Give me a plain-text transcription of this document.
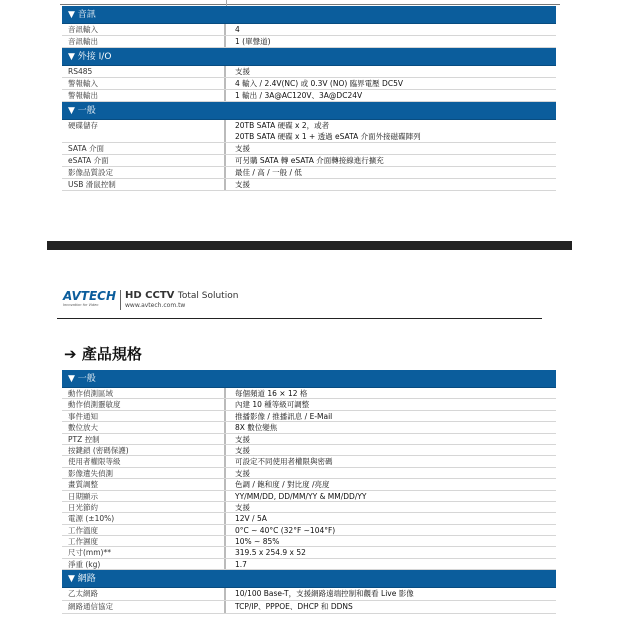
▼ 音訊
音訊輸入	4
音訊輸出	1 (單聲道)
▼ 外接 I/O
RS485	支援
警報輸入	4 輸入 / 2.4V(NC) 或 0.3V (NO) 臨界電壓 DC5V
警報輸出	1 輸出 / 3A@AC120V、3A@DC24V
▼ 一般
硬碟儲存	20TB SATA 硬碟 x 2，或者
20TB SATA 硬碟 x 1 + 透過 eSATA 介面外接磁碟陣列
SATA 介面	支援
eSATA 介面	可另購 SATA 轉 eSATA 介面轉接線進行擴充
影像品質設定	最佳 / 高 / 一般 / 低
USB 滑鼠控制	支援
AVTECH
Innovation for Video
HD CCTV Total Solution
www.avtech.com.tw
➔ 產品規格
▼ 一般
動作偵測區域	每個頻道 16 × 12 格
動作偵測靈敏度	內建 10 種等級可調整
事件通知	推播影像 / 推播訊息 / E-Mail
數位放大	8X 數位變焦
PTZ 控制	支援
按鍵鎖 (密碼保護)	支援
使用者權限等級	可設定不同使用者權限與密碼
影像遺失偵測	支援
畫質調整	色調 / 飽和度 / 對比度 /亮度
日期顯示	YY/MM/DD, DD/MM/YY & MM/DD/YY
日光節約	支援
電源 (±10%)	12V / 5A
工作溫度	0°C ~ 40°C (32°F ~104°F)
工作濕度	10% ~ 85%
尺寸(mm)**	319.5 x 254.9 x 52
淨重 (kg)	1.7
▼ 網路
乙太網路	10/100 Base-T，支援網路遠端控制和觀看 Live 影像
網路通信協定	TCP/IP、PPPOE、DHCP 和 DDNS
